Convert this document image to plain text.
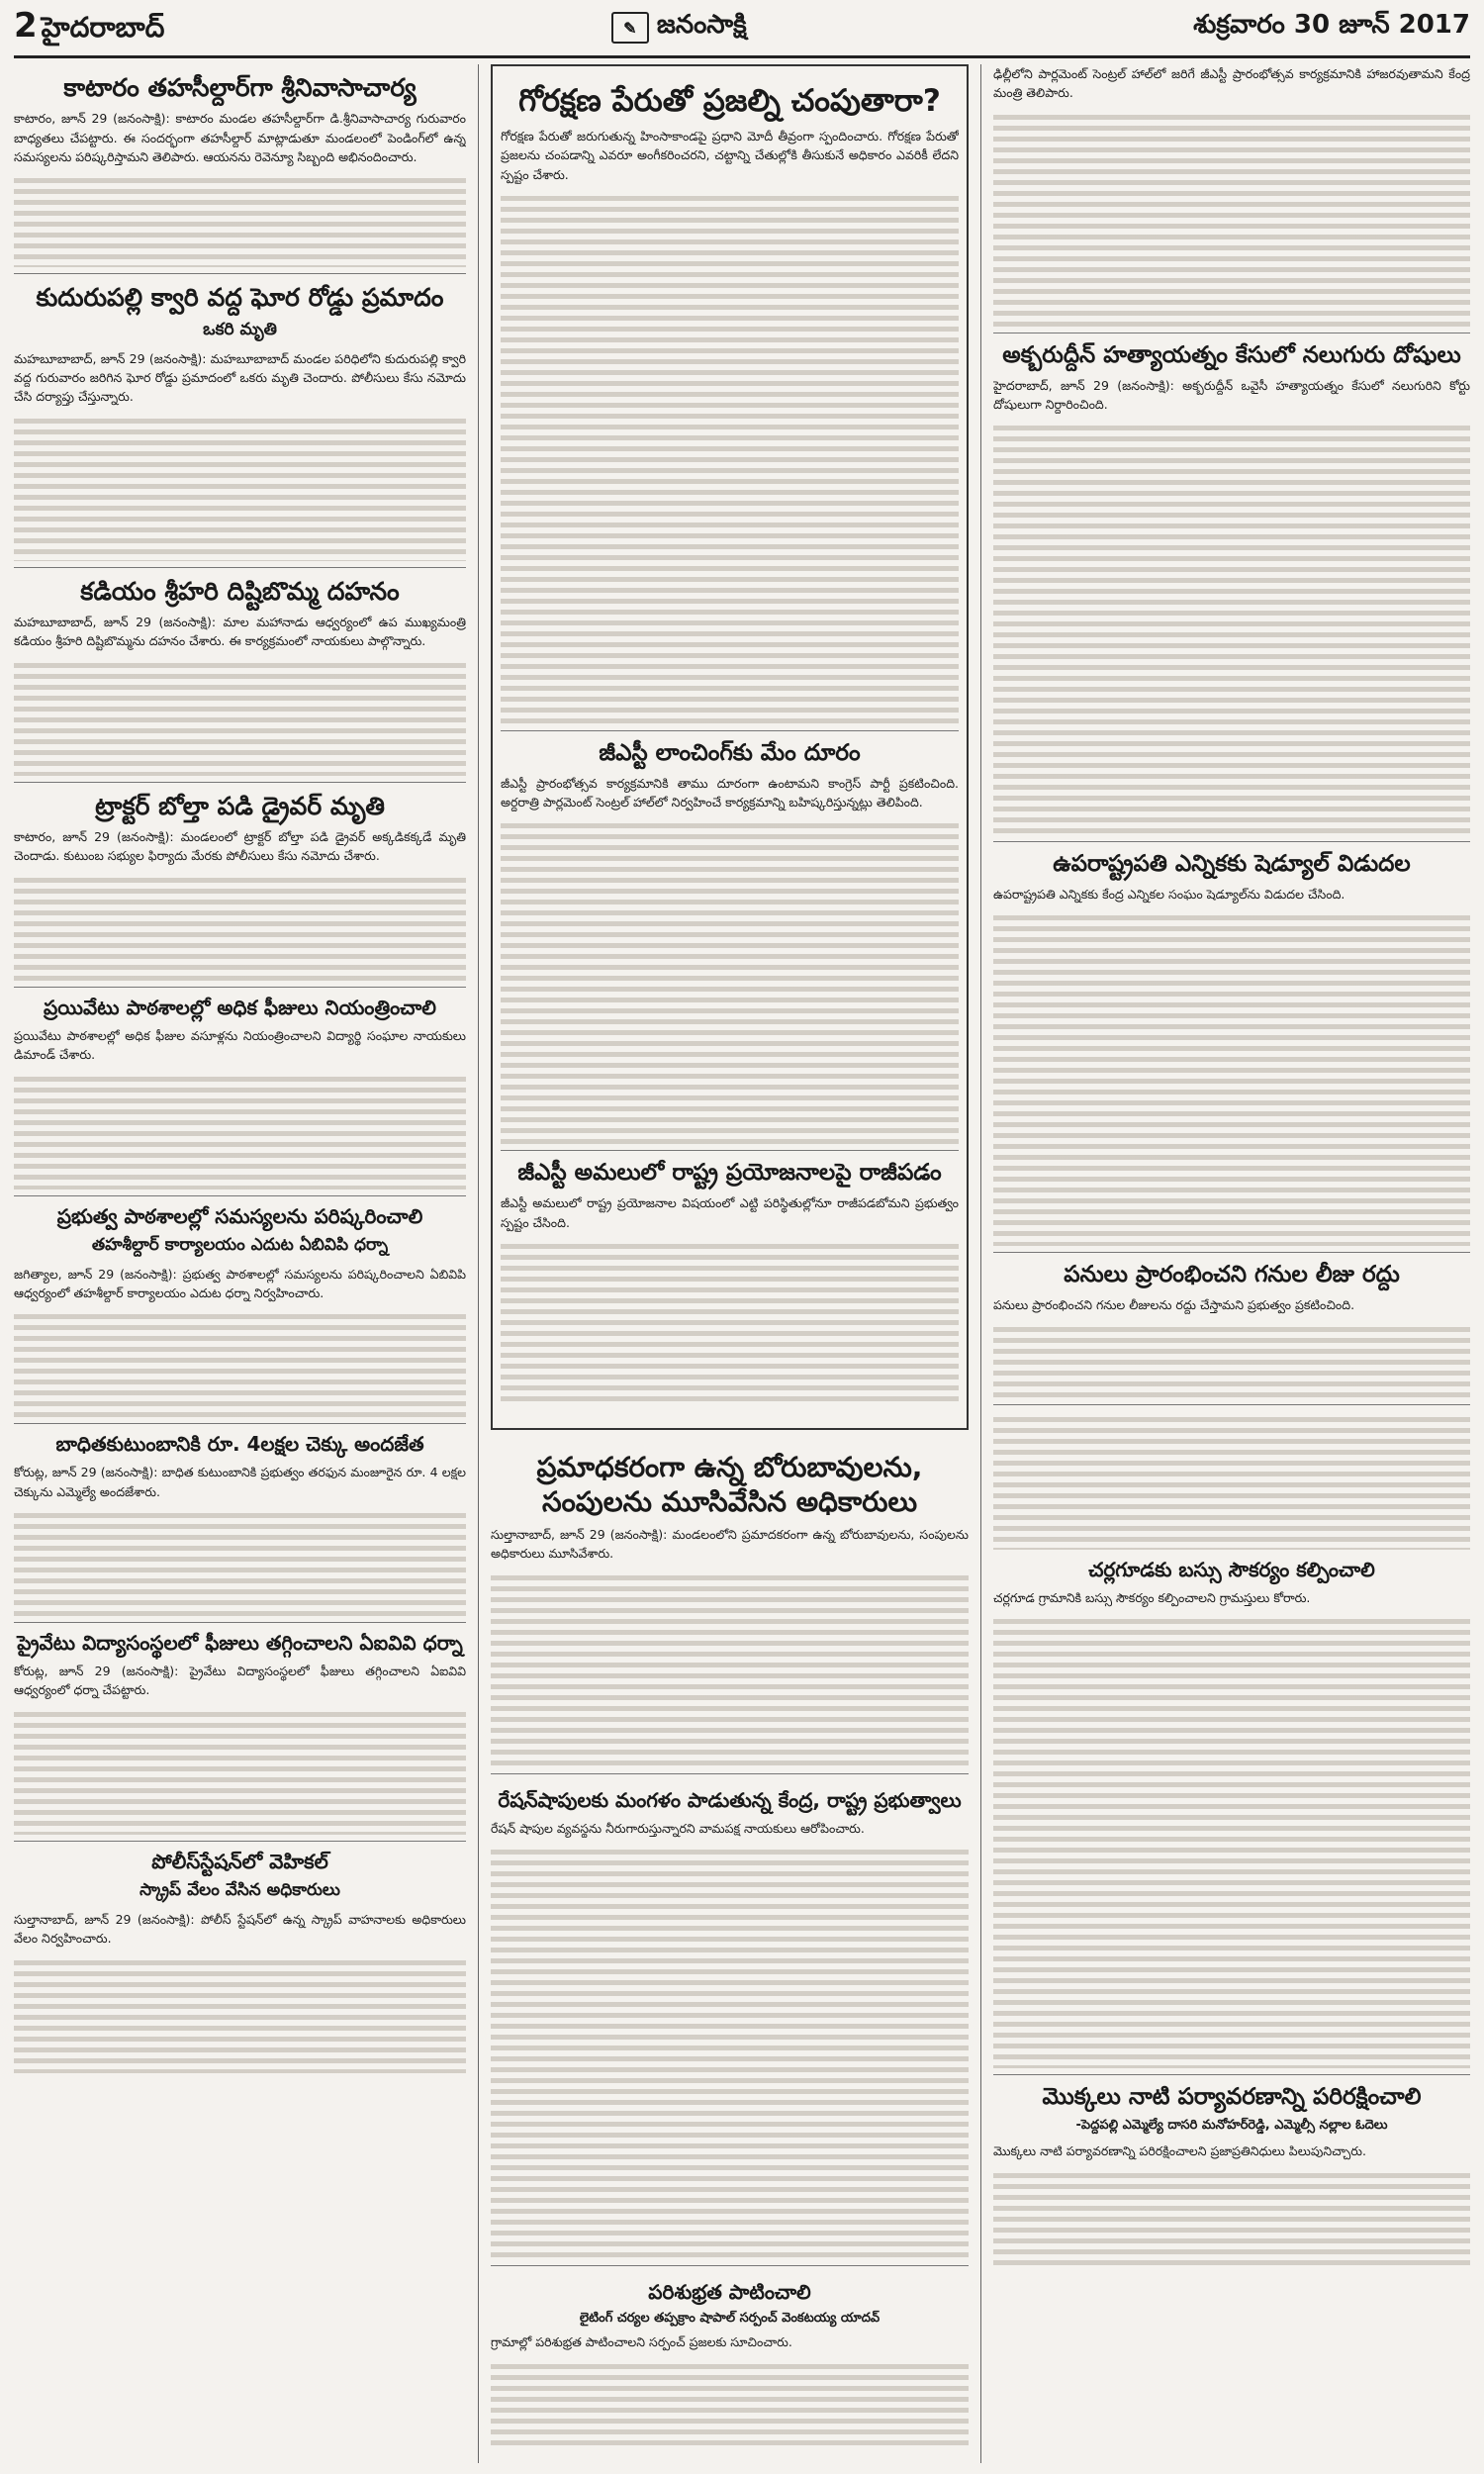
2 హైదరాబాద్	✎ జనంసాక్షి	శుక్రవారం 30 జూన్ 2017
కాటారం తహసీల్దార్‌గా శ్రీనివాసాచార్య

కాటారం, జూన్ 29 (జనంసాక్షి): కాటారం మండల తహసీల్దార్‌గా డి.శ్రీనివాసాచార్య గురువారం బాధ్యతలు చేపట్టారు. ఈ సందర్భంగా తహసీల్దార్ మాట్లాడుతూ మండలంలో పెండింగ్‌లో ఉన్న సమస్యలను పరిష్కరిస్తామని తెలిపారు. ఆయనను రెవెన్యూ సిబ్బంది అభినందించారు.

కుదురుపల్లి క్వారి వద్ద ఘోర రోడ్డు ప్రమాదం
ఒకరి మృతి

మహబూబాబాద్, జూన్ 29 (జనంసాక్షి): మహబూబాబాద్ మండల పరిధిలోని కుదురుపల్లి క్వారి వద్ద గురువారం జరిగిన ఘోర రోడ్డు ప్రమాదంలో ఒకరు మృతి చెందారు. పోలీసులు కేసు నమోదు చేసి దర్యాప్తు చేస్తున్నారు.

కడియం శ్రీహరి దిష్టిబొమ్మ దహనం

మహబూబాబాద్, జూన్ 29 (జనంసాక్షి): మాల మహానాడు ఆధ్వర్యంలో ఉప ముఖ్యమంత్రి కడియం శ్రీహరి దిష్టిబొమ్మను దహనం చేశారు. ఈ కార్యక్రమంలో నాయకులు పాల్గొన్నారు.

ట్రాక్టర్ బోల్తా పడి డ్రైవర్ మృతి

కాటారం, జూన్ 29 (జనంసాక్షి): మండలంలో ట్రాక్టర్ బోల్తా పడి డ్రైవర్ అక్కడికక్కడే మృతి చెందాడు. కుటుంబ సభ్యుల ఫిర్యాదు మేరకు పోలీసులు కేసు నమోదు చేశారు.

ప్రయివేటు పాఠశాలల్లో అధిక ఫీజులు నియంత్రించాలి

ప్రయివేటు పాఠశాలల్లో అధిక ఫీజుల వసూళ్లను నియంత్రించాలని విద్యార్థి సంఘాల నాయకులు డిమాండ్ చేశారు.

ప్రభుత్వ పాఠశాలల్లో సమస్యలను పరిష్కరించాలి
తహశీల్దార్ కార్యాలయం ఎదుట ఏబివిపి ధర్నా

జగిత్యాల, జూన్ 29 (జనంసాక్షి): ప్రభుత్వ పాఠశాలల్లో సమస్యలను పరిష్కరించాలని ఏబివిపి ఆధ్వర్యంలో తహశీల్దార్ కార్యాలయం ఎదుట ధర్నా నిర్వహించారు.

బాధితకుటుంబానికి రూ. 4లక్షల చెక్కు అందజేత

కోరుట్ల, జూన్ 29 (జనంసాక్షి): బాధిత కుటుంబానికి ప్రభుత్వం తరఫున మంజూరైన రూ. 4 లక్షల చెక్కును ఎమ్మెల్యే అందజేశారు.

ప్రైవేటు విద్యాసంస్థలలో ఫీజులు తగ్గించాలని ఏఐవివి ధర్నా

కోరుట్ల, జూన్ 29 (జనంసాక్షి): ప్రైవేటు విద్యాసంస్థలలో ఫీజులు తగ్గించాలని ఏఐవివి ఆధ్వర్యంలో ధర్నా చేపట్టారు.

పోలీస్‌స్టేషన్‌లో వెహికల్
స్క్రాప్ వేలం వేసిన అధికారులు

సుల్తానాబాద్, జూన్ 29 (జనంసాక్షి): పోలీస్ స్టేషన్‌లో ఉన్న స్క్రాప్ వాహనాలకు అధికారులు వేలం నిర్వహించారు.

గోరక్షణ పేరుతో ప్రజల్ని చంపుతారా?

గోరక్షణ పేరుతో జరుగుతున్న హింసాకాండపై ప్రధాని మోదీ తీవ్రంగా స్పందించారు. గోరక్షణ పేరుతో ప్రజలను చంపడాన్ని ఎవరూ అంగీకరించరని, చట్టాన్ని చేతుల్లోకి తీసుకునే అధికారం ఎవరికీ లేదని స్పష్టం చేశారు.

జీఎస్టీ లాంచింగ్‌కు మేం దూరం

జీఎస్టీ ప్రారంభోత్సవ కార్యక్రమానికి తాము దూరంగా ఉంటామని కాంగ్రెస్ పార్టీ ప్రకటించింది. అర్ధరాత్రి పార్లమెంట్ సెంట్రల్ హాల్‌లో నిర్వహించే కార్యక్రమాన్ని బహిష్కరిస్తున్నట్లు తెలిపింది.

జీఎస్టీ అమలులో రాష్ట్ర ప్రయోజనాలపై రాజీపడం

జీఎస్టీ అమలులో రాష్ట్ర ప్రయోజనాల విషయంలో ఎట్టి పరిస్థితుల్లోనూ రాజీపడబోమని ప్రభుత్వం స్పష్టం చేసింది.

ప్రమాధకరంగా ఉన్న బోరుబావులను, సంపులను మూసివేసిన అధికారులు

సుల్తానాబాద్, జూన్ 29 (జనంసాక్షి): మండలంలోని ప్రమాదకరంగా ఉన్న బోరుబావులను, సంపులను అధికారులు మూసివేశారు.

రేషన్‌షాపులకు మంగళం పాడుతున్న కేంద్ర, రాష్ట్ర ప్రభుత్వాలు

రేషన్ షాపుల వ్యవస్థను నీరుగారుస్తున్నారని వామపక్ష నాయకులు ఆరోపించారు.

పరిశుభ్రత పాటించాలి
లైటింగ్ చర్యల తప్పక్రాం షాపాల్ సర్పంచ్ వెంకటయ్య యాదవ్

గ్రామాల్లో పరిశుభ్రత పాటించాలని సర్పంచ్ ప్రజలకు సూచించారు.

ఢిల్లీలోని పార్లమెంట్ సెంట్రల్ హాల్‌లో జరిగే జీఎస్టీ ప్రారంభోత్సవ కార్యక్రమానికి హాజరవుతామని కేంద్ర మంత్రి తెలిపారు.

అక్బరుద్దీన్ హత్యాయత్నం కేసులో నలుగురు దోషులు

హైదరాబాద్, జూన్ 29 (జనంసాక్షి): అక్బరుద్దీన్ ఒవైసీ హత్యాయత్నం కేసులో నలుగురిని కోర్టు దోషులుగా నిర్ధారించింది.

ఉపరాష్ట్రపతి ఎన్నికకు షెడ్యూల్ విడుదల

ఉపరాష్ట్రపతి ఎన్నికకు కేంద్ర ఎన్నికల సంఘం షెడ్యూల్‌ను విడుదల చేసింది.

పనులు ప్రారంభించని గనుల లీజు రద్దు

పనులు ప్రారంభించని గనుల లీజులను రద్దు చేస్తామని ప్రభుత్వం ప్రకటించింది.

చర్లగూడకు బస్సు సౌకర్యం కల్పించాలి

చర్లగూడ గ్రామానికి బస్సు సౌకర్యం కల్పించాలని గ్రామస్తులు కోరారు.

మొక్కలు నాటి పర్యావరణాన్ని పరిరక్షించాలి
-పెద్దపల్లి ఎమ్మెల్యే దాసరి మనోహర్‌రెడ్డి, ఎమ్మెల్సీ నల్లాల ఓదెలు

మొక్కలు నాటి పర్యావరణాన్ని పరిరక్షించాలని ప్రజాప్రతినిధులు పిలుపునిచ్చారు.
